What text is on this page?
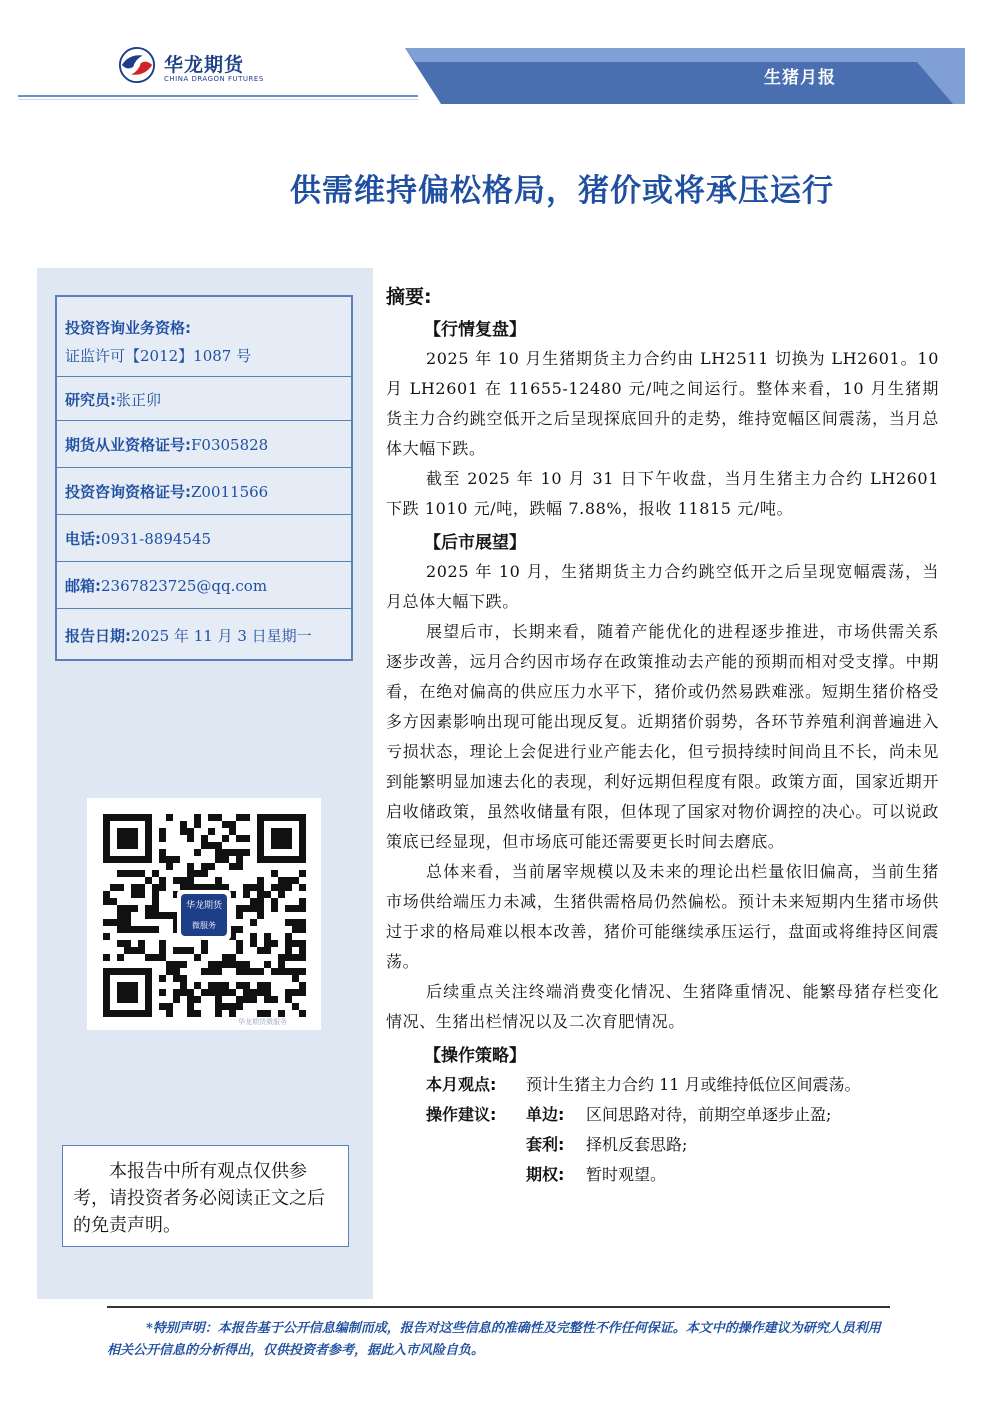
华龙期货
CHINA DRAGON FUTURES	生猪月报
供需维持偏松格局，猪价或将承压运行
投资咨询业务资格:
证监许可【2012】1087 号
研究员:张正卯
期货从业资格证号:F0305828
投资咨询资格证号:Z0011566
电话:0931-8894545
邮箱:2367823725@qq.com
报告日期:2025 年 11 月 3 日星期一
华龙期货
微服务
华龙期货微服务
本报告中所有观点仅供参考，请投资者务必阅读正文之后的免责声明。
摘要:
【行情复盘】

2025 年 10 月生猪期货主力合约由 LH2511 切换为 LH2601。10 月 LH2601 在 11655-12480 元/吨之间运行。整体来看，10 月生猪期货主力合约跳空低开之后呈现探底回升的走势，维持宽幅区间震荡，当月总体大幅下跌。

截至 2025 年 10 月 31 日下午收盘，当月生猪主力合约 LH2601 下跌 1010 元/吨，跌幅 7.88%，报收 11815 元/吨。

【后市展望】

2025 年 10 月，生猪期货主力合约跳空低开之后呈现宽幅震荡，当月总体大幅下跌。

展望后市，长期来看，随着产能优化的进程逐步推进，市场供需关系逐步改善，远月合约因市场存在政策推动去产能的预期而相对受支撑。中期看，在绝对偏高的供应压力水平下，猪价或仍然易跌难涨。短期生猪价格受多方因素影响出现可能出现反复。近期猪价弱势，各环节养殖利润普遍进入亏损状态，理论上会促进行业产能去化，但亏损持续时间尚且不长，尚未见到能繁明显加速去化的表现，利好远期但程度有限。政策方面，国家近期开启收储政策，虽然收储量有限，但体现了国家对物价调控的决心。可以说政策底已经显现，但市场底可能还需要更长时间去磨底。

总体来看，当前屠宰规模以及未来的理论出栏量依旧偏高，当前生猪市场供给端压力未减，生猪供需格局仍然偏松。预计未来短期内生猪市场供过于求的格局难以根本改善，猪价可能继续承压运行，盘面或将维持区间震荡。

后续重点关注终端消费变化情况、生猪降重情况、能繁母猪存栏变化情况、生猪出栏情况以及二次育肥情况。

【操作策略】
本月观点: 预计生猪主力合约 11 月或维持低位区间震荡。
操作建议: 单边: 区间思路对待，前期空单逐步止盈;
套利: 择机反套思路;
期权: 暂时观望。
*特别声明：本报告基于公开信息编制而成，报告对这些信息的准确性及完整性不作任何保证。本文中的操作建议为研究人员利用相关公开信息的分析得出，仅供投资者参考，据此入市风险自负。
